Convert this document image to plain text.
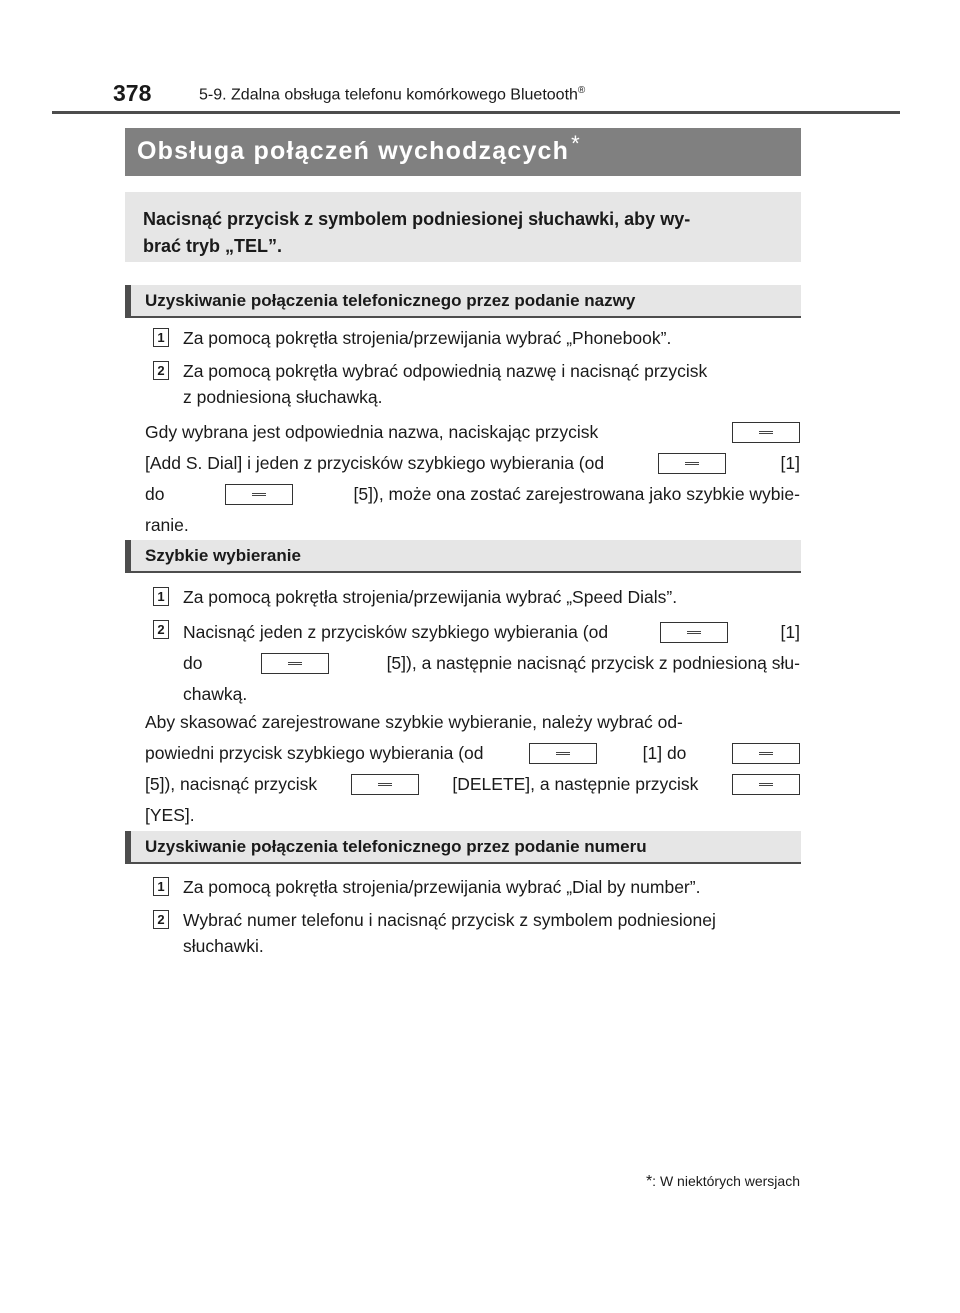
378	5-9. Zdalna obsługa telefonu komórkowego Bluetooth®
Obsługa połączeń wychodzących*
Nacisnąć przycisk z symbolem podniesionej słuchawki, aby wy-
brać tryb „TEL”.
Uzyskiwanie połączenia telefonicznego przez podanie nazwy
1 Za pomocą pokrętła strojenia/przewijania wybrać „Phonebook”.
2 Za pomocą pokrętła wybrać odpowiednią nazwę i nacisnąć przycisk
z podniesioną słuchawką.
Gdy wybrana jest odpowiednia nazwa, naciskając przycisk
[Add S. Dial] i jeden z przycisków szybkiego wybierania (od	[1]
do	[5]), może ona zostać zarejestrowana jako szybkie wybie-
ranie.
Szybkie wybieranie
1 Za pomocą pokrętła strojenia/przewijania wybrać „Speed Dials”.
2 Nacisnąć jeden z przycisków szybkiego wybierania (od	[1]
do	[5]), a następnie nacisnąć przycisk z podniesioną słu-
chawką.
Aby skasować zarejestrowane szybkie wybieranie, należy wybrać od-
powiedni przycisk szybkiego wybierania (od	[1] do
[5]), nacisnąć przycisk	[DELETE], a następnie przycisk
[YES].
Uzyskiwanie połączenia telefonicznego przez podanie numeru
1 Za pomocą pokrętła strojenia/przewijania wybrać „Dial by number”.
2 Wybrać numer telefonu i nacisnąć przycisk z symbolem podniesionej
słuchawki.
*: W niektórych wersjach
